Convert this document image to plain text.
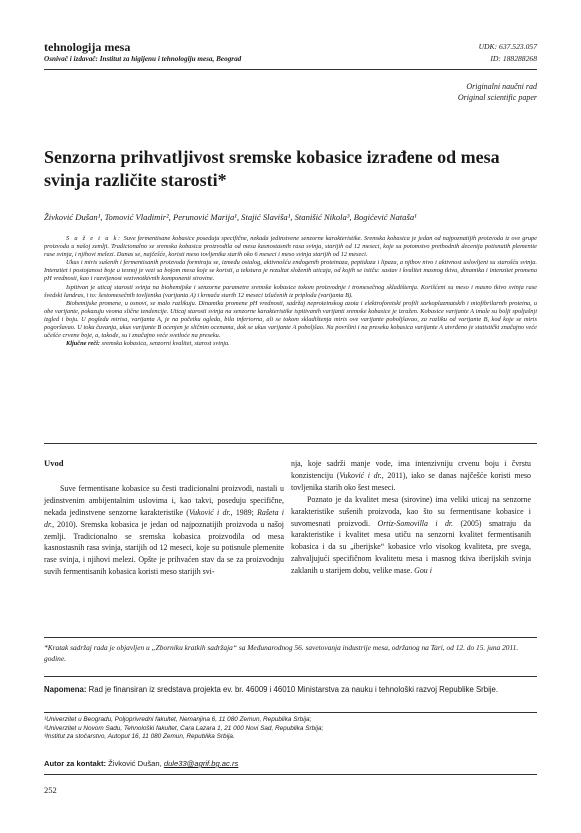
tehnologija mesa
Osnivač i izdavač: Institut za higijenu i tehnologiju mesa, Beograd
UDK: 637.523.057
ID: 188288268
Originalni naučni rad
Original scientific paper
Senzorna prihvatljivost sremske kobasice izrađene od mesa svinja različite starosti*
Živković Dušan¹, Tomović Vladimir², Perunović Marija¹, Stajić Slaviša¹, Stanišić Nikola³, Bogićević Nataša¹

S a ž e t a k: Suve fermentisane kobasice poseduju specifične, nekada jedinstvene senzorne karakteristike. Sremska kobasica je jedan od najpoznatijih proizvoda iz ove grupe proizvoda u našoj zemlji. Tradicionalno se sremska kobasica proizvodila od mesa kasnostasnih rasa svinja, starijih od 12 meseci, koje su potomstvo prethodnih decenija potisnutih plemenite rase svinja, i njihovi melezi. Danas se, najčešće, koristi meso tovljenika starih oko 6 meseci i meso svinja starijih od 12 meseci.

Ukus i miris sušenih i fermentisanih proizvoda formiraju se, između ostalog, aktivnošću endogenih proteinaza, peptidaza i lipaza, a njihov nivo i aktivnost uslovljeni su starošću svinja. Intenzitet i postojanost boje u tesnoj je vezi sa bojom mesa koje se koristi, a tekstura je rezultat složenih uticaja, od kojih se ističu: sastav i kvalitet masnog tkiva, dinamika i intenzitet promena pH vrednosti, kao i razvijenost vezivnotkivnih komponenti sirovine.

Ispitivan je uticaj starosti svinja na biohemijske i senzorne parametre sremske kobasice tokom proizvodnje i tromesečnog skladištenja. Korišćeni su meso i masno tkivo svinja rase švedski landras, i to: šestomesečnih tovljenika (varijanta A) i krmača starih 12 meseci izlučenih iz priploda (varijanta B).

Biohemijske promene, u osnovi, se malo razlikuju. Dinamika promene pH vrednosti, sadržaj neproteinskog azota i elektroforetski profili sarkoplazmatskih i miofibrilarnih proteina, u obe varijante, pokazuju veoma slične tendencije. Uticaj starosti svinja na senzorne karakteristike ispitivanih varijanti sremske kobasice je izražen. Kobasice varijante A imale su bolji spoljašnji izgled i boju. U pogledu mirisa, varijanta A, je na početku ogleda, bila inferiorna, ali se tokom skladištenja miris ove varijante poboljšavao, za razliku od varijante B, kod koje se miris pogoršavao. U toku čuvanja, ukus varijante B ocenjen je sličnim ocenama, dok se ukus varijante A poboljšao. Na površini i na preseku kobasica varijante A utvrđeno je statistički značajno veće učešće crvene boje, a, takođe, su i značajno veće svetloće na preseku.

Ključne reči: sremska kobasica, senzorni kvalitet, starost svinja.

Uvod

Suve fermentisane kobasice su česti tradicionalni proizvodi, nastali u jedinstvenim ambijentalnim uslovima i, kao takvi, poseduju specifične, nekada jedinstvene senzorne karakteristike (Vuković i dr., 1989; Rašeta i dr., 2010). Sremska kobasica je jedan od najpoznatijih proizvoda u našoj zemlji. Tradicionalno se sremska kobasica proizvodila od mesa kasnostasnih rasa svinja, starijih od 12 meseci, koje su potisnule plemenite rase svinja, i njihovi melezi. Opšte je prihvaćen stav da se za proizvodnju suvih fermentisanih kobasica koristi meso starijih svi-

nja, koje sadrži manje vode, ima intenzivniju crvenu boju i čvrstu konzistenciju (Vuković i dr., 2011), iako se danas najčešće koristi meso tovljenika starih oko šest meseci.

Poznato je da kvalitet mesa (sirovine) ima veliki uticaj na senzorne karakteristike sušenih proizvoda, kao što su fermentisane kobasice i suvomesnati proizvodi. Ortiz-Somovilla i dr. (2005) smatraju da karakteristike i kvalitet mesa utiču na senzorni kvalitet fermentisanih kobasica i da su „iberijske“ kobasice vrlo visokog kvaliteta, pre svega, zahvaljujući specifičnom kvalitetu mesa i masnog tkiva iberijskih svinja zaklanih u starijem dobu, velike mase. Gou i

*Kratak sadržaj rada je objavljen u „Zborniku kratkih sadržaja“ sa Međunarodnog 56. savetovanja industrije mesa, održanog na Tari, od 12. do 15. juna 2011. godine.
Napomena: Rad je finansiran iz sredstava projekta ev. br. 46009 i 46010 Ministarstva za nauku i tehnološki razvoj Republike Srbije.
¹Univerzitet u Beogradu, Poljoprivredni fakultet, Nemanjina 6, 11 080 Zemun, Republika Srbija;
²Univerzitet u Novom Sadu, Tehnološki fakultet, Cara Lazara 1, 21 000 Novi Sad, Republika Srbija;
³Institut za stočarstvo, Autoput 16, 11 080 Zemun, Republika Srbija.
Autor za kontakt: Živković Dušan, dule33@agrif.bg.ac.rs
252
